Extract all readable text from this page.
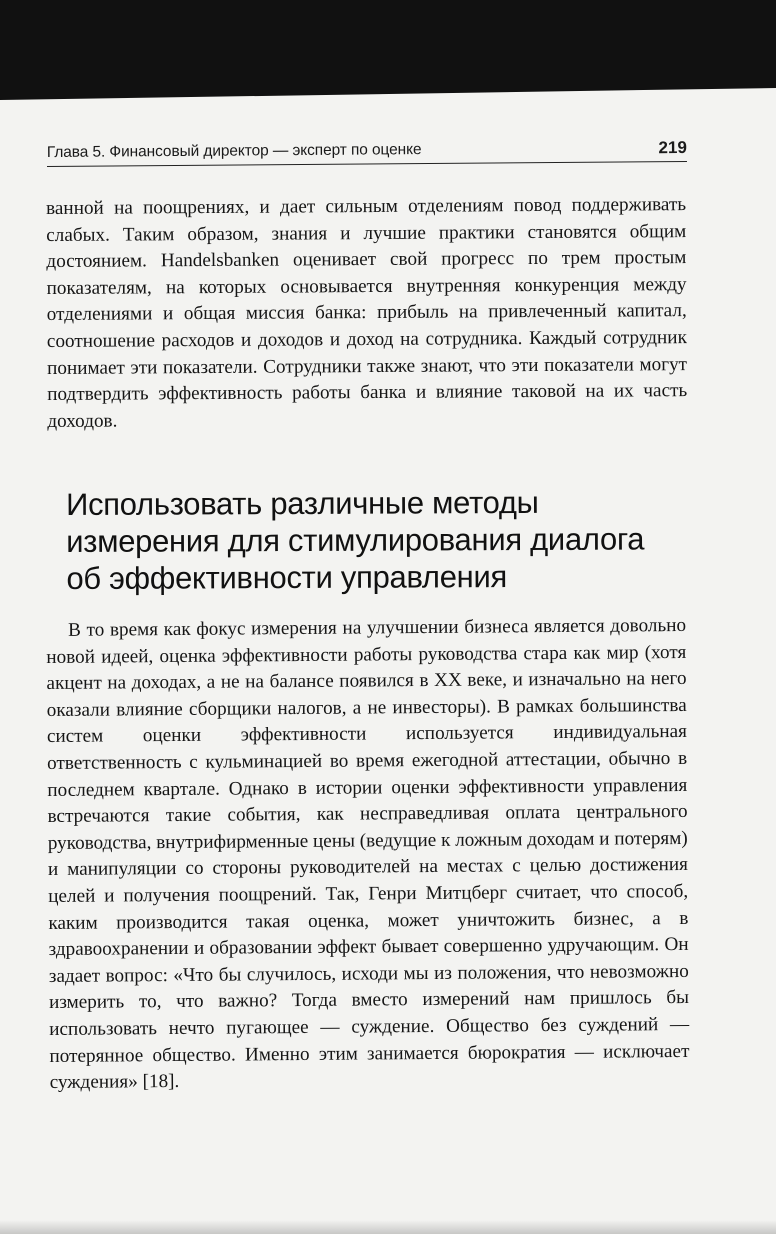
Глава 5. Финансовый директор — эксперт по оценке	219

ванной на поощрениях, и дает сильным отделениям повод поддерживать слабых. Таким образом, знания и лучшие практики становятся общим достоянием. Handelsbanken оценивает свой прогресс по трем простым показателям, на которых основывается внутренняя конкуренция между отделениями и общая миссия банка: прибыль на привлеченный капитал, соотношение расходов и доходов и доход на сотрудника. Каждый сотрудник понимает эти показатели. Сотрудники также знают, что эти показатели могут подтвердить эффективность работы банка и влияние таковой на их часть доходов.

Использовать различные методы измерения для стимулирования диалога об эффективности управления

В то время как фокус измерения на улучшении бизнеса является довольно новой идеей, оценка эффективности работы руководства стара как мир (хотя акцент на доходах, а не на балансе появился в XX веке, и изначально на него оказали влияние сборщики налогов, а не инвесторы). В рамках большинства систем оценки эффективности используется индивидуальная ответственность с кульминацией во время ежегодной аттестации, обычно в последнем квартале. Однако в истории оценки эффективности управления встречаются такие события, как несправедливая оплата центрального руководства, внутрифирменные цены (ведущие к ложным доходам и потерям) и манипуляции со стороны руководителей на местах с целью достижения целей и получения поощрений. Так, Генри Митцберг считает, что способ, каким производится такая оценка, может уничтожить бизнес, а в здравоохранении и образовании эффект бывает совершенно удручающим. Он задает вопрос: «Что бы случилось, исходи мы из положения, что невозможно измерить то, что важно? Тогда вместо измерений нам пришлось бы использовать нечто пугающее — суждение. Общество без суждений — потерянное общество. Именно этим занимается бюрократия — исключает суждения» [18].
